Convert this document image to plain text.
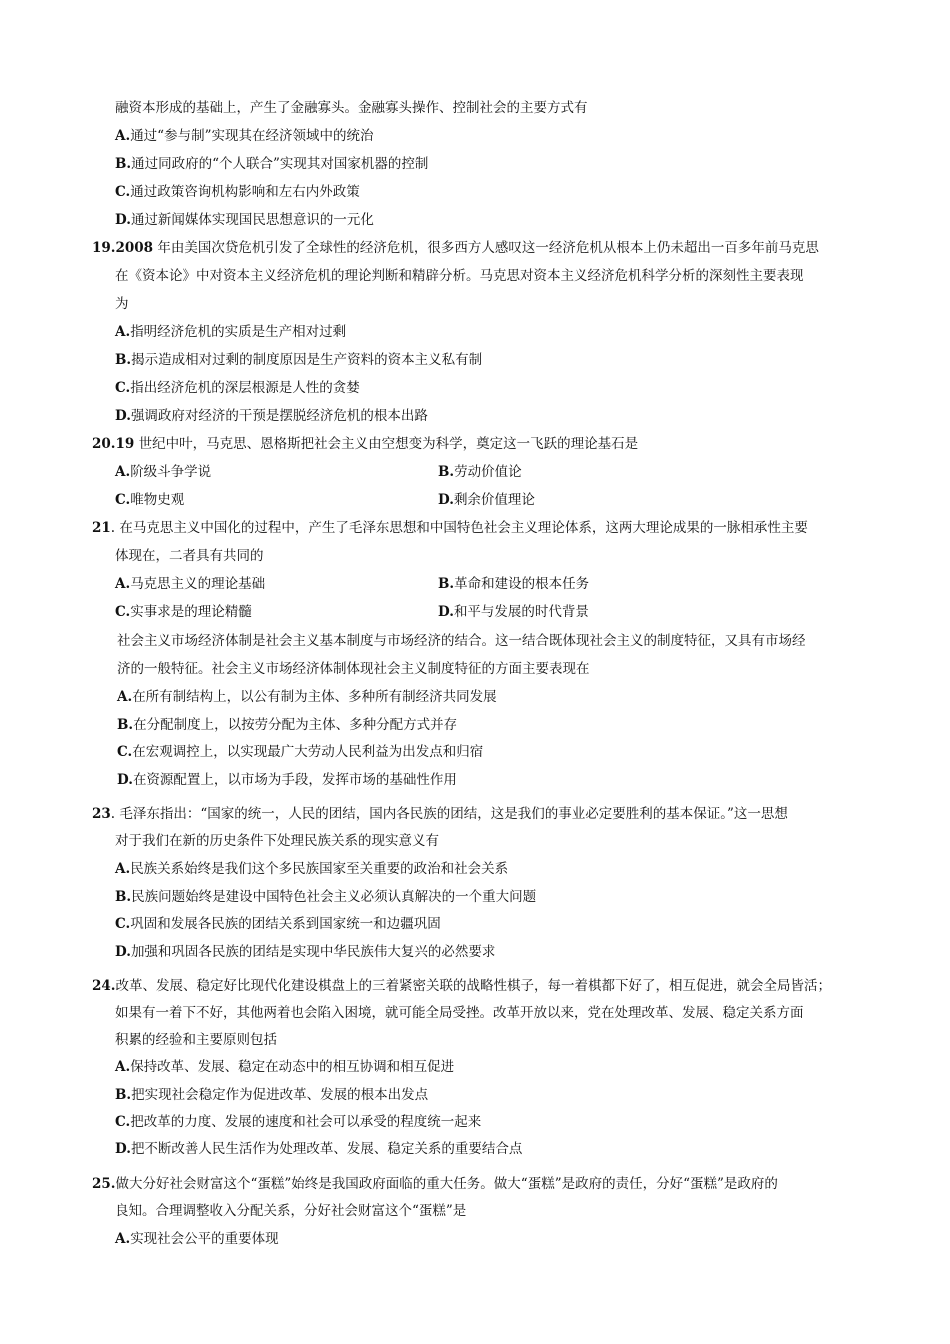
融资本形成的基础上，产生了金融寡头。金融寡头操作、控制社会的主要方式有
A.通过“参与制”实现其在经济领域中的统治
B.通过同政府的“个人联合”实现其对国家机器的控制
C.通过政策咨询机构影响和左右内外政策
D.通过新闻媒体实现国民思想意识的一元化
19.2008 年由美国次贷危机引发了全球性的经济危机，很多西方人感叹这一经济危机从根本上仍未超出一百多年前马克思
在《资本论》中对资本主义经济危机的理论判断和精辟分析。马克思对资本主义经济危机科学分析的深刻性主要表现
为
A.指明经济危机的实质是生产相对过剩
B.揭示造成相对过剩的制度原因是生产资料的资本主义私有制
C.指出经济危机的深层根源是人性的贪婪
D.强调政府对经济的干预是摆脱经济危机的根本出路
20.19 世纪中叶，马克思、恩格斯把社会主义由空想变为科学，奠定这一飞跃的理论基石是
A.阶级斗争学说	B.劳动价值论
C.唯物史观	D.剩余价值理论
21. 在马克思主义中国化的过程中，产生了毛泽东思想和中国特色社会主义理论体系，这两大理论成果的一脉相承性主要
体现在，二者具有共同的
A.马克思主义的理论基础	B.革命和建设的根本任务
C.实事求是的理论精髓	D.和平与发展的时代背景
社会主义市场经济体制是社会主义基本制度与市场经济的结合。这一结合既体现社会主义的制度特征，又具有市场经
济的一般特征。社会主义市场经济体制体现社会主义制度特征的方面主要表现在
A.在所有制结构上，以公有制为主体、多种所有制经济共同发展
B.在分配制度上，以按劳分配为主体、多种分配方式并存
C.在宏观调控上，以实现最广大劳动人民利益为出发点和归宿
D.在资源配置上，以市场为手段，发挥市场的基础性作用
23. 毛泽东指出：“国家的统一，人民的团结，国内各民族的团结，这是我们的事业必定要胜利的基本保证。”这一思想
对于我们在新的历史条件下处理民族关系的现实意义有
A.民族关系始终是我们这个多民族国家至关重要的政治和社会关系
B.民族问题始终是建设中国特色社会主义必须认真解决的一个重大问题
C.巩固和发展各民族的团结关系到国家统一和边疆巩固
D.加强和巩固各民族的团结是实现中华民族伟大复兴的必然要求
24.改革、发展、稳定好比现代化建设棋盘上的三着紧密关联的战略性棋子，每一着棋都下好了，相互促进，就会全局皆活；
如果有一着下不好，其他两着也会陷入困境，就可能全局受挫。改革开放以来，党在处理改革、发展、稳定关系方面
积累的经验和主要原则包括
A.保持改革、发展、稳定在动态中的相互协调和相互促进
B.把实现社会稳定作为促进改革、发展的根本出发点
C.把改革的力度、发展的速度和社会可以承受的程度统一起来
D.把不断改善人民生活作为处理改革、发展、稳定关系的重要结合点
25.做大分好社会财富这个“蛋糕”始终是我国政府面临的重大任务。做大“蛋糕”是政府的责任，分好“蛋糕”是政府的
良知。合理调整收入分配关系，分好社会财富这个“蛋糕”是
A.实现社会公平的重要体现
